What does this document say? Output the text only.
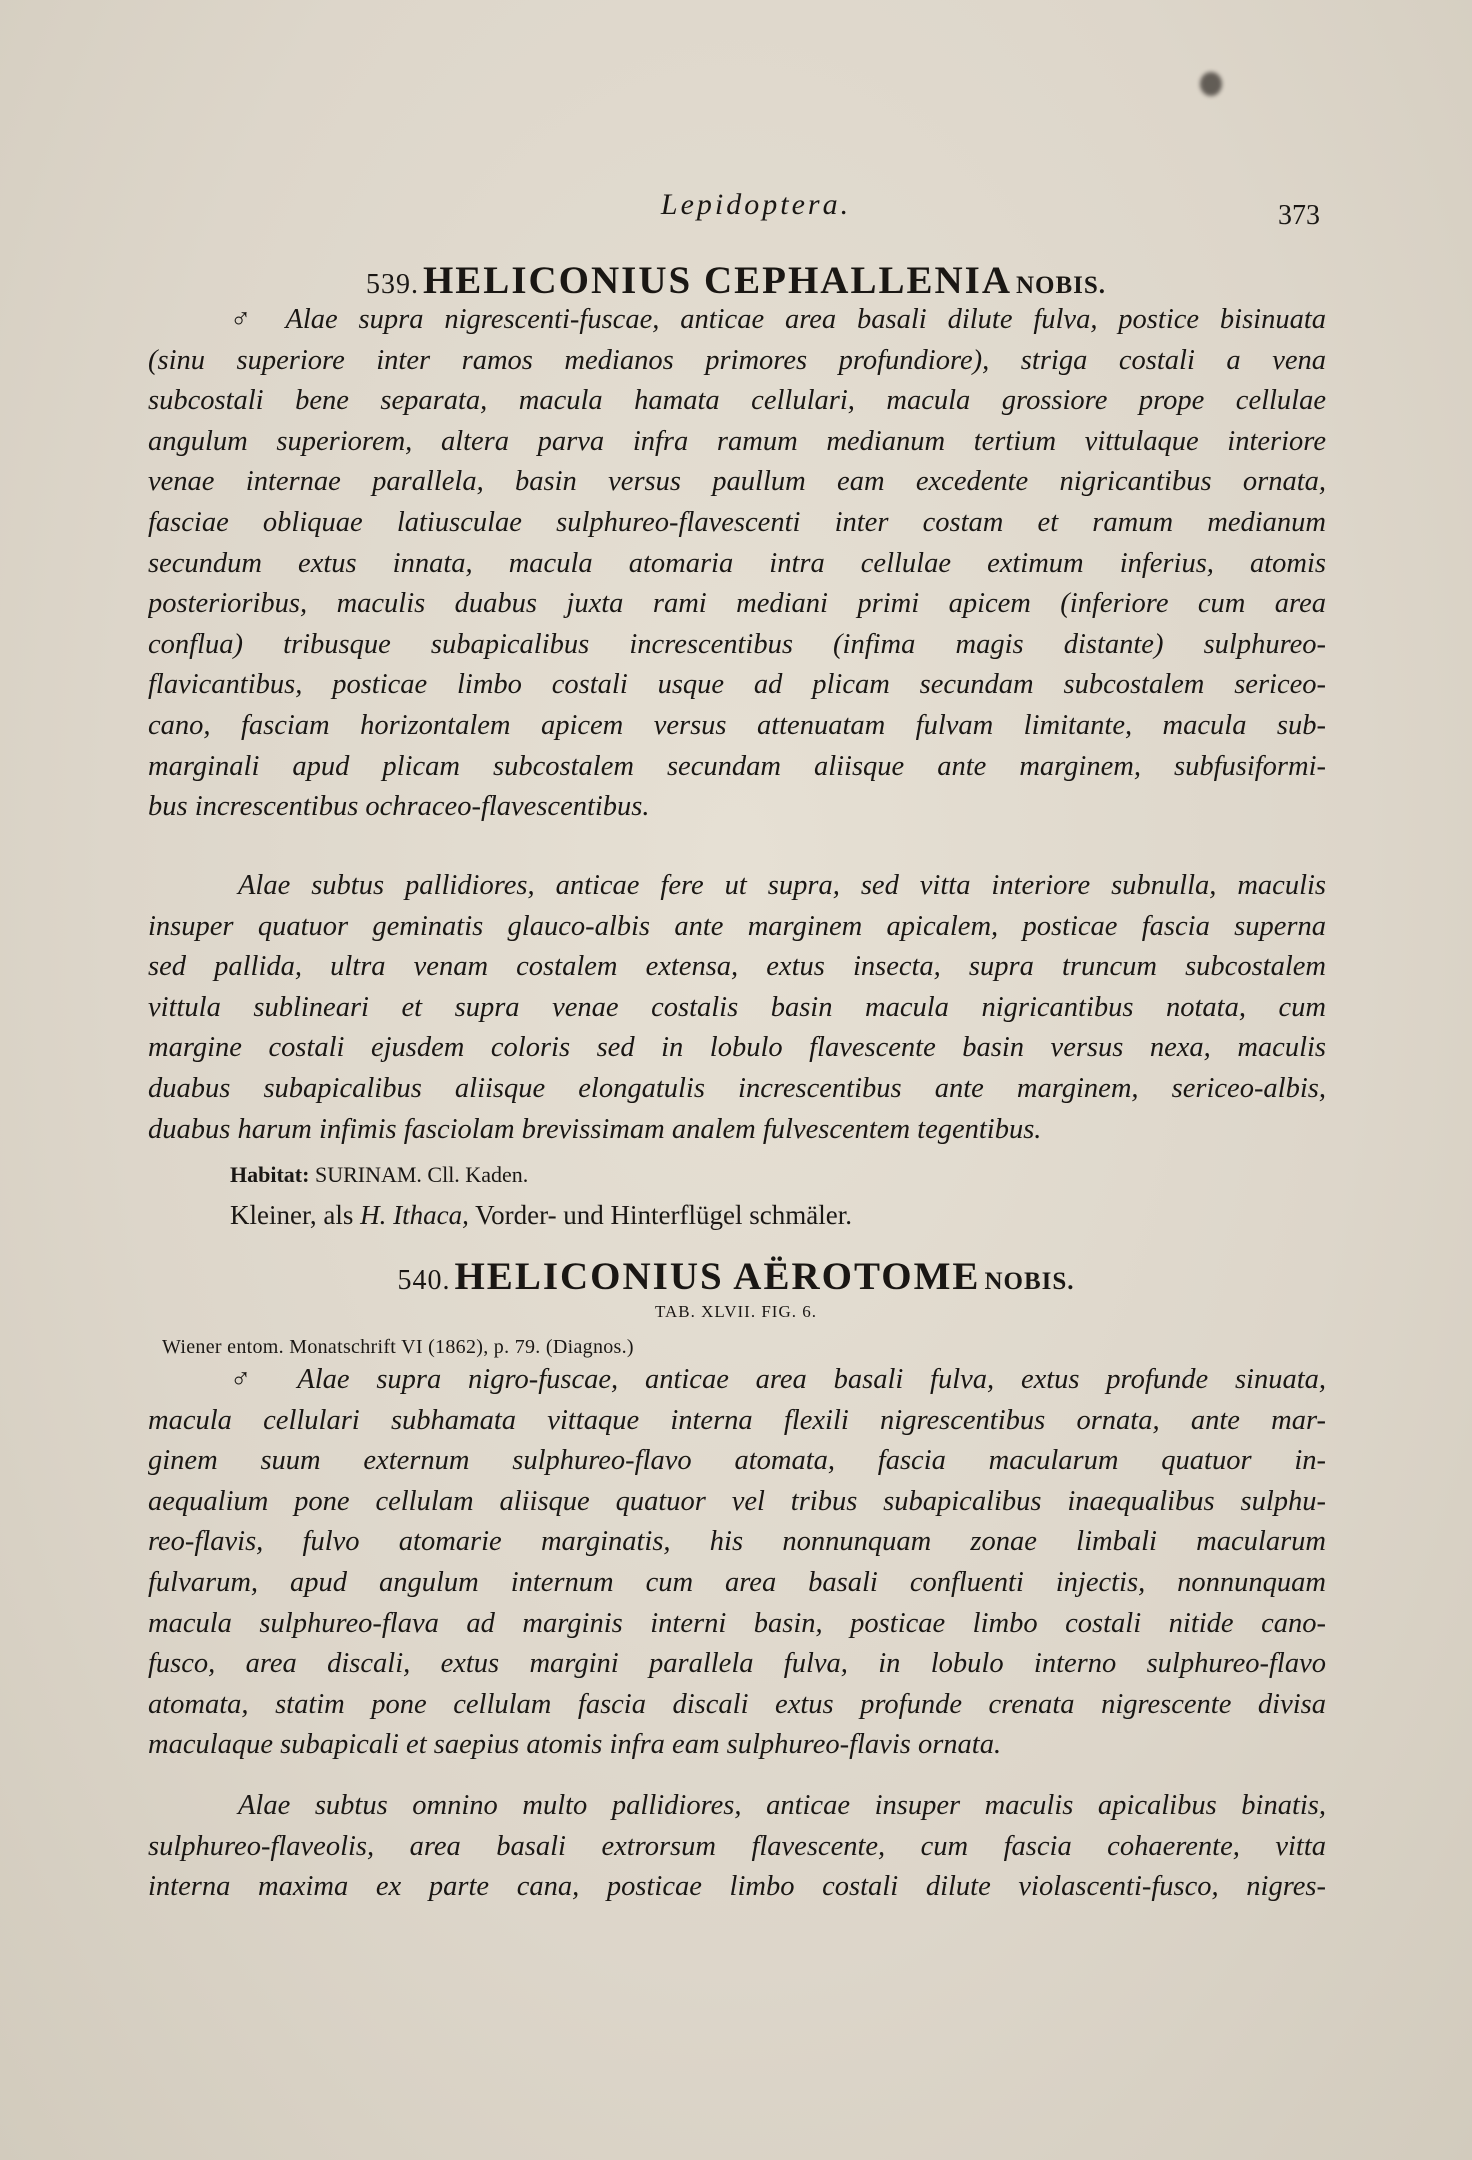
Lepidoptera.	373
539. HELICONIUS CEPHALLENIA NOBIS.
♂ Alae supra nigrescenti-fuscae, anticae area basali dilute fulva, postice bisinuata
(sinu superiore inter ramos medianos primores profundiore), striga costali a vena
subcostali bene separata, macula hamata cellulari, macula grossiore prope cellulae
angulum superiorem, altera parva infra ramum medianum tertium vittulaque interiore
venae internae parallela, basin versus paullum eam excedente nigricantibus ornata,
fasciae obliquae latiusculae sulphureo-flavescenti inter costam et ramum medianum
secundum extus innata, macula atomaria intra cellulae extimum inferius, atomis
posterioribus, maculis duabus juxta rami mediani primi apicem (inferiore cum area
conflua) tribusque subapicalibus increscentibus (infima magis distante) sulphureo-
flavicantibus, posticae limbo costali usque ad plicam secundam subcostalem sericeo-
cano, fasciam horizontalem apicem versus attenuatam fulvam limitante, macula sub-
marginali apud plicam subcostalem secundam aliisque ante marginem, subfusiformi-
bus increscentibus ochraceo-flavescentibus.
Alae subtus pallidiores, anticae fere ut supra, sed vitta interiore subnulla, maculis
insuper quatuor geminatis glauco-albis ante marginem apicalem, posticae fascia superna
sed pallida, ultra venam costalem extensa, extus insecta, supra truncum subcostalem
vittula sublineari et supra venae costalis basin macula nigricantibus notata, cum
margine costali ejusdem coloris sed in lobulo flavescente basin versus nexa, maculis
duabus subapicalibus aliisque elongatulis increscentibus ante marginem, sericeo-albis,
duabus harum infimis fasciolam brevissimam analem fulvescentem tegentibus.
Habitat: SURINAM. Cll. Kaden.
Kleiner, als H. Ithaca, Vorder- und Hinterflügel schmäler.
540. HELICONIUS AËROTOME NOBIS.
TAB. XLVII. FIG. 6.
Wiener entom. Monatschrift VI (1862), p. 79. (Diagnos.)
♂ Alae supra nigro-fuscae, anticae area basali fulva, extus profunde sinuata,
macula cellulari subhamata vittaque interna flexili nigrescentibus ornata, ante mar-
ginem suum externum sulphureo-flavo atomata, fascia macularum quatuor in-
aequalium pone cellulam aliisque quatuor vel tribus subapicalibus inaequalibus sulphu-
reo-flavis, fulvo atomarie marginatis, his nonnunquam zonae limbali macularum
fulvarum, apud angulum internum cum area basali confluenti injectis, nonnunquam
macula sulphureo-flava ad marginis interni basin, posticae limbo costali nitide cano-
fusco, area discali, extus margini parallela fulva, in lobulo interno sulphureo-flavo
atomata, statim pone cellulam fascia discali extus profunde crenata nigrescente divisa
maculaque subapicali et saepius atomis infra eam sulphureo-flavis ornata.
Alae subtus omnino multo pallidiores, anticae insuper maculis apicalibus binatis,
sulphureo-flaveolis, area basali extrorsum flavescente, cum fascia cohaerente, vitta
interna maxima ex parte cana, posticae limbo costali dilute violascenti-fusco, nigres-
